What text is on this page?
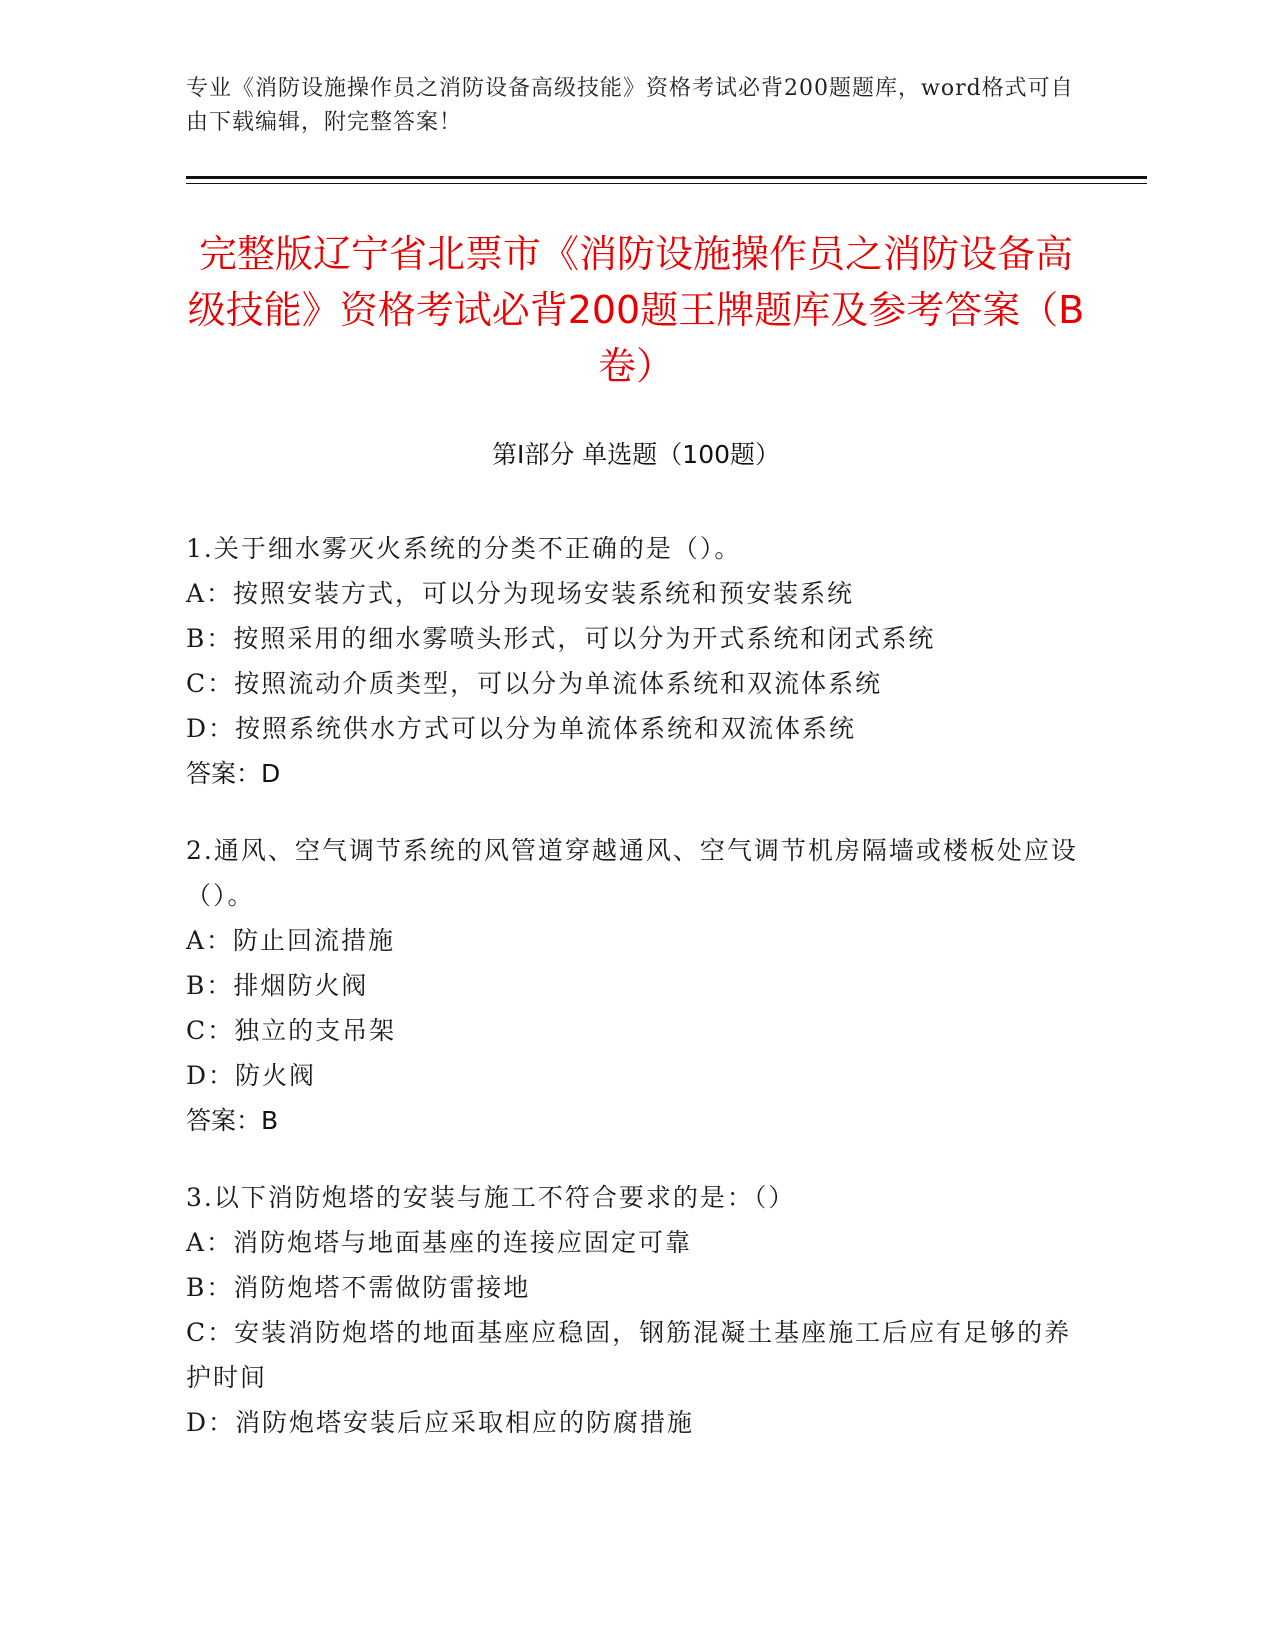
专业《消防设施操作员之消防设备高级技能》资格考试必背200题题库，word格式可自由下载编辑，附完整答案！
完整版辽宁省北票市《消防设施操作员之消防设备高级技能》资格考试必背200题王牌题库及参考答案（B卷）
第Ⅰ部分 单选题（100题）

1.关于细水雾灭火系统的分类不正确的是（）。

A：按照安装方式，可以分为现场安装系统和预安装系统

B：按照采用的细水雾喷头形式，可以分为开式系统和闭式系统

C：按照流动介质类型，可以分为单流体系统和双流体系统

D：按照系统供水方式可以分为单流体系统和双流体系统

答案：D

2.通风、空气调节系统的风管道穿越通风、空气调节机房隔墙或楼板处应设（）。

A：防止回流措施

B：排烟防火阀

C：独立的支吊架

D：防火阀

答案：B

3.以下消防炮塔的安装与施工不符合要求的是：（）

A：消防炮塔与地面基座的连接应固定可靠

B：消防炮塔不需做防雷接地

C：安装消防炮塔的地面基座应稳固，钢筋混凝土基座施工后应有足够的养护时间

D：消防炮塔安装后应采取相应的防腐措施
